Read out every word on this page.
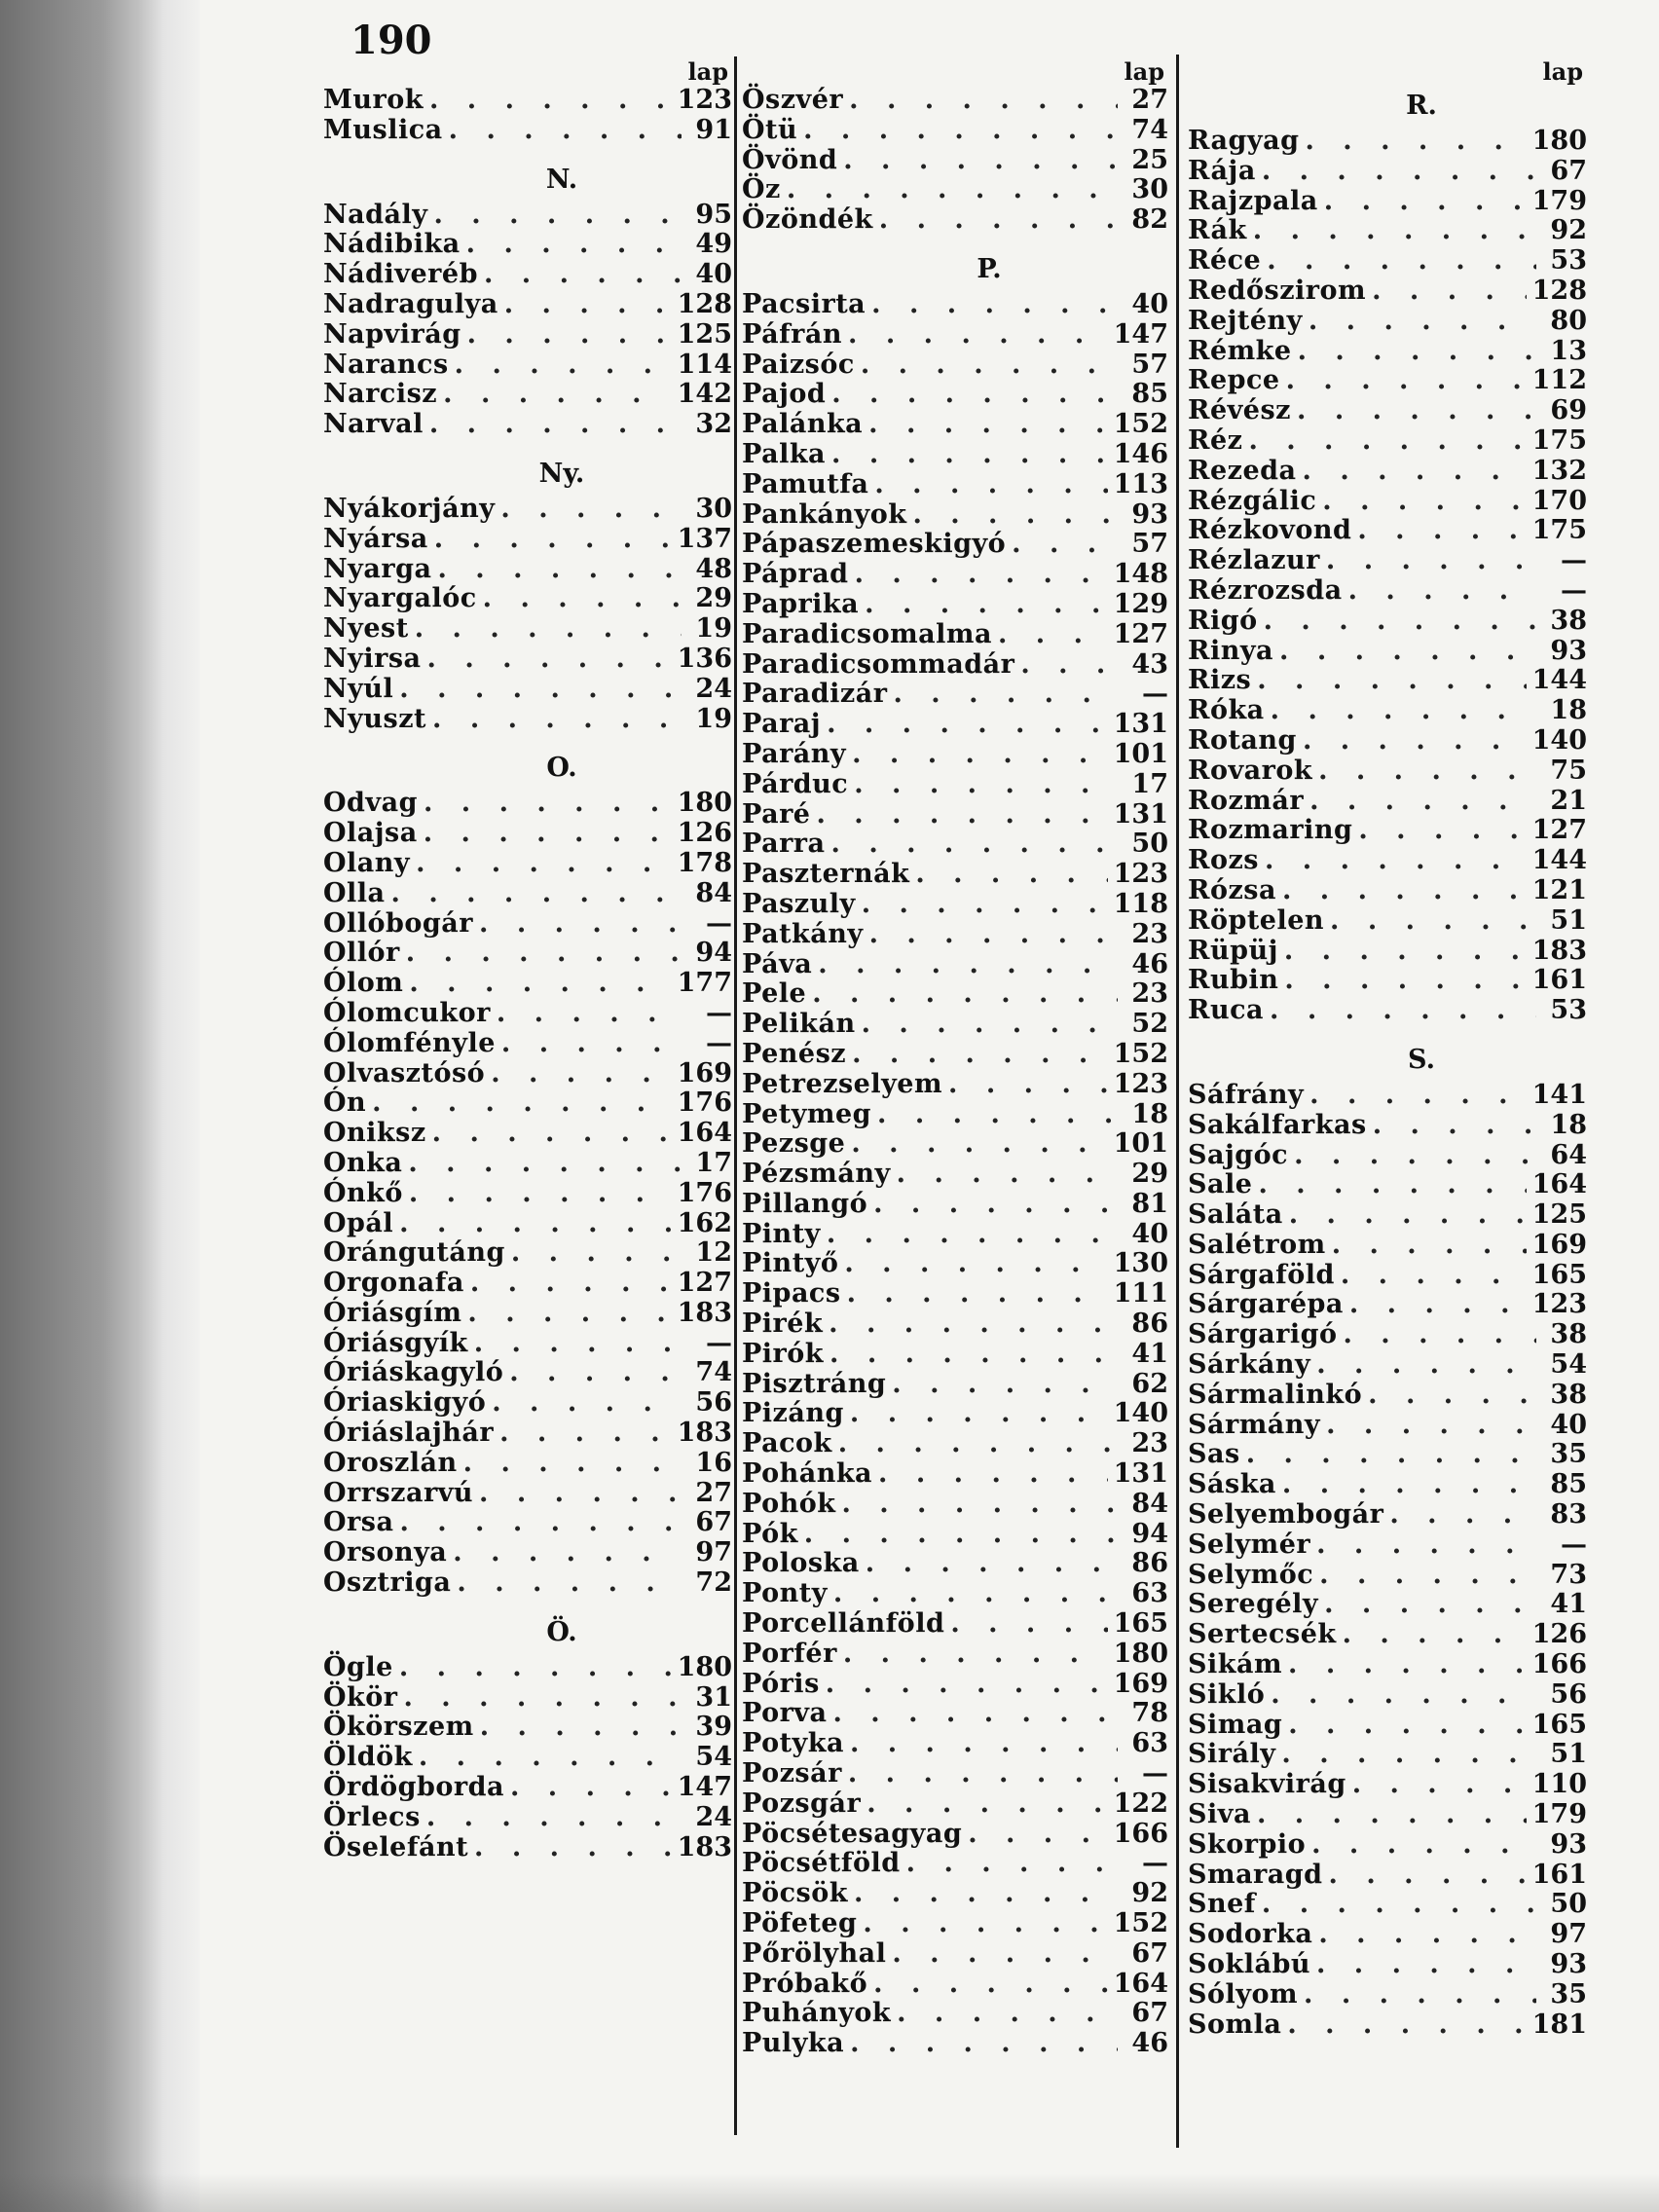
190
lap
Murok . . .	123
Muslica . . .	91
N.
Nadály . . .	95
Nádibika . . .	49
Nádiveréb . . .	40
Nadragulya . . .	128
Napvirág . . .	125
Narancs . . .	114
Narcisz . . .	142
Narval . . .	32
Ny.
Nyákorjány . . .	30
Nyársa . . .	137
Nyarga . . .	48
Nyargalóc . . .	29
Nyest . . .	19
Nyirsa . . .	136
Nyúl . . .	24
Nyuszt . . .	19
O.
Odvag . . .	180
Olajsa . . .	126
Olany . . .	178
Olla . . .	84
Ollóbogár . . .	—
Ollór . . .	94
Ólom . . .	177
Ólomcukor . . .	—
Ólomfényle . . .	—
Olvasztósó . . .	169
Ón . . .	176
Oniksz . . .	164
Onka . . .	17
Ónkő . . .	176
Opál . . .	162
Orángutáng . . .	12
Orgonafa . . .	127
Óriásgím . . .	183
Óriásgyík . . .	—
Óriáskagyló . . .	74
Óriaskigyó . . .	56
Óriáslajhár . . .	183
Oroszlán . . .	16
Orrszarvú . . .	27
Orsa . . .	67
Orsonya . . .	97
Osztriga . . .	72
Ö.
Ögle . . .	180
Ökör . . .	31
Ökörszem . . .	39
Öldök . . .	54
Ördögborda . . .	147
Örlecs . . .	24
Öselefánt . . .	183
lap
Öszvér . . .	27
Ötü . . .	74
Övönd . . .	25
Öz . . .	30
Özöndék . . .	82
P.
Pacsirta . . .	40
Páfrán . . .	147
Paizsóc . . .	57
Pajod . . .	85
Palánka . . .	152
Palka . . .	146
Pamutfa . . .	113
Pankányok . . .	93
Pápaszemeskigyó . . .	57
Páprad . . .	148
Paprika . . .	129
Paradicsomalma . . .	127
Paradicsommadár . . .	43
Paradizár . . .	—
Paraj . . .	131
Parány . . .	101
Párduc . . .	17
Paré . . .	131
Parra . . .	50
Paszternák . . .	123
Paszuly . . .	118
Patkány . . .	23
Páva . . .	46
Pele . . .	23
Pelikán . . .	52
Penész . . .	152
Petrezselyem . . .	123
Petymeg . . .	18
Pezsge . . .	101
Pézsmány . . .	29
Pillangó . . .	81
Pinty . . .	40
Pintyő . . .	130
Pipacs . . .	111
Pirék . . .	86
Pirók . . .	41
Pisztráng . . .	62
Pizáng . . .	140
Pacok . . .	23
Pohánka . . .	131
Pohók . . .	84
Pók . . .	94
Poloska . . .	86
Ponty . . .	63
Porcellánföld . . .	165
Porfér . . .	180
Póris . . .	169
Porva . . .	78
Potyka . . .	63
Pozsár . . .	—
Pozsgár . . .	122
Pöcsétesagyag . . .	166
Pöcsétföld . . .	—
Pöcsök . . .	92
Pöfeteg . . .	152
Pőrölyhal . . .	67
Próbakő . . .	164
Puhányok . . .	67
Pulyka . . .	46
lap
R.
Ragyag . . .	180
Rája . . .	67
Rajzpala . . .	179
Rák . . .	92
Réce . . .	53
Redőszirom . . .	128
Rejtény . . .	80
Rémke . . .	13
Repce . . .	112
Révész . . .	69
Réz . . .	175
Rezeda . . .	132
Rézgálic . . .	170
Rézkovond . . .	175
Rézlazur . . .	—
Rézrozsda . . .	—
Rigó . . .	38
Rinya . . .	93
Rizs . . .	144
Róka . . .	18
Rotang . . .	140
Rovarok . . .	75
Rozmár . . .	21
Rozmaring . . .	127
Rozs . . .	144
Rózsa . . .	121
Röptelen . . .	51
Rüpüj . . .	183
Rubin . . .	161
Ruca . . .	53
S.
Sáfrány . . .	141
Sakálfarkas . . .	18
Sajgóc . . .	64
Sale . . .	164
Saláta . . .	125
Salétrom . . .	169
Sárgaföld . . .	165
Sárgarépa . . .	123
Sárgarigó . . .	38
Sárkány . . .	54
Sármalinkó . . .	38
Sármány . . .	40
Sas . . .	35
Sáska . . .	85
Selyembogár . . .	83
Selymér . . .	—
Selymőc . . .	73
Seregély . . .	41
Sertecsék . . .	126
Sikám . . .	166
Sikló . . .	56
Simag . . .	165
Sirály . . .	51
Sisakvirág . . .	110
Siva . . .	179
Skorpio . . .	93
Smaragd . . .	161
Snef . . .	50
Sodorka . . .	97
Soklábú . . .	93
Sólyom . . .	35
Somla . . .	181
